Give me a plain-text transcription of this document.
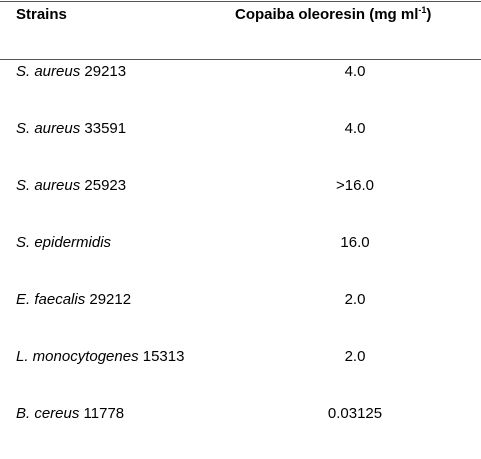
Strains	Copaiba oleoresin (mg $ml^{-1}$)
S. aureus 29213	4.0
S. aureus 33591	4.0
S. aureus 25923	>16.0
S. epidermidis	16.0
E. faecalis 29212	2.0
L. monocytogenes 15313	2.0
B. cereus 11778	0.03125
